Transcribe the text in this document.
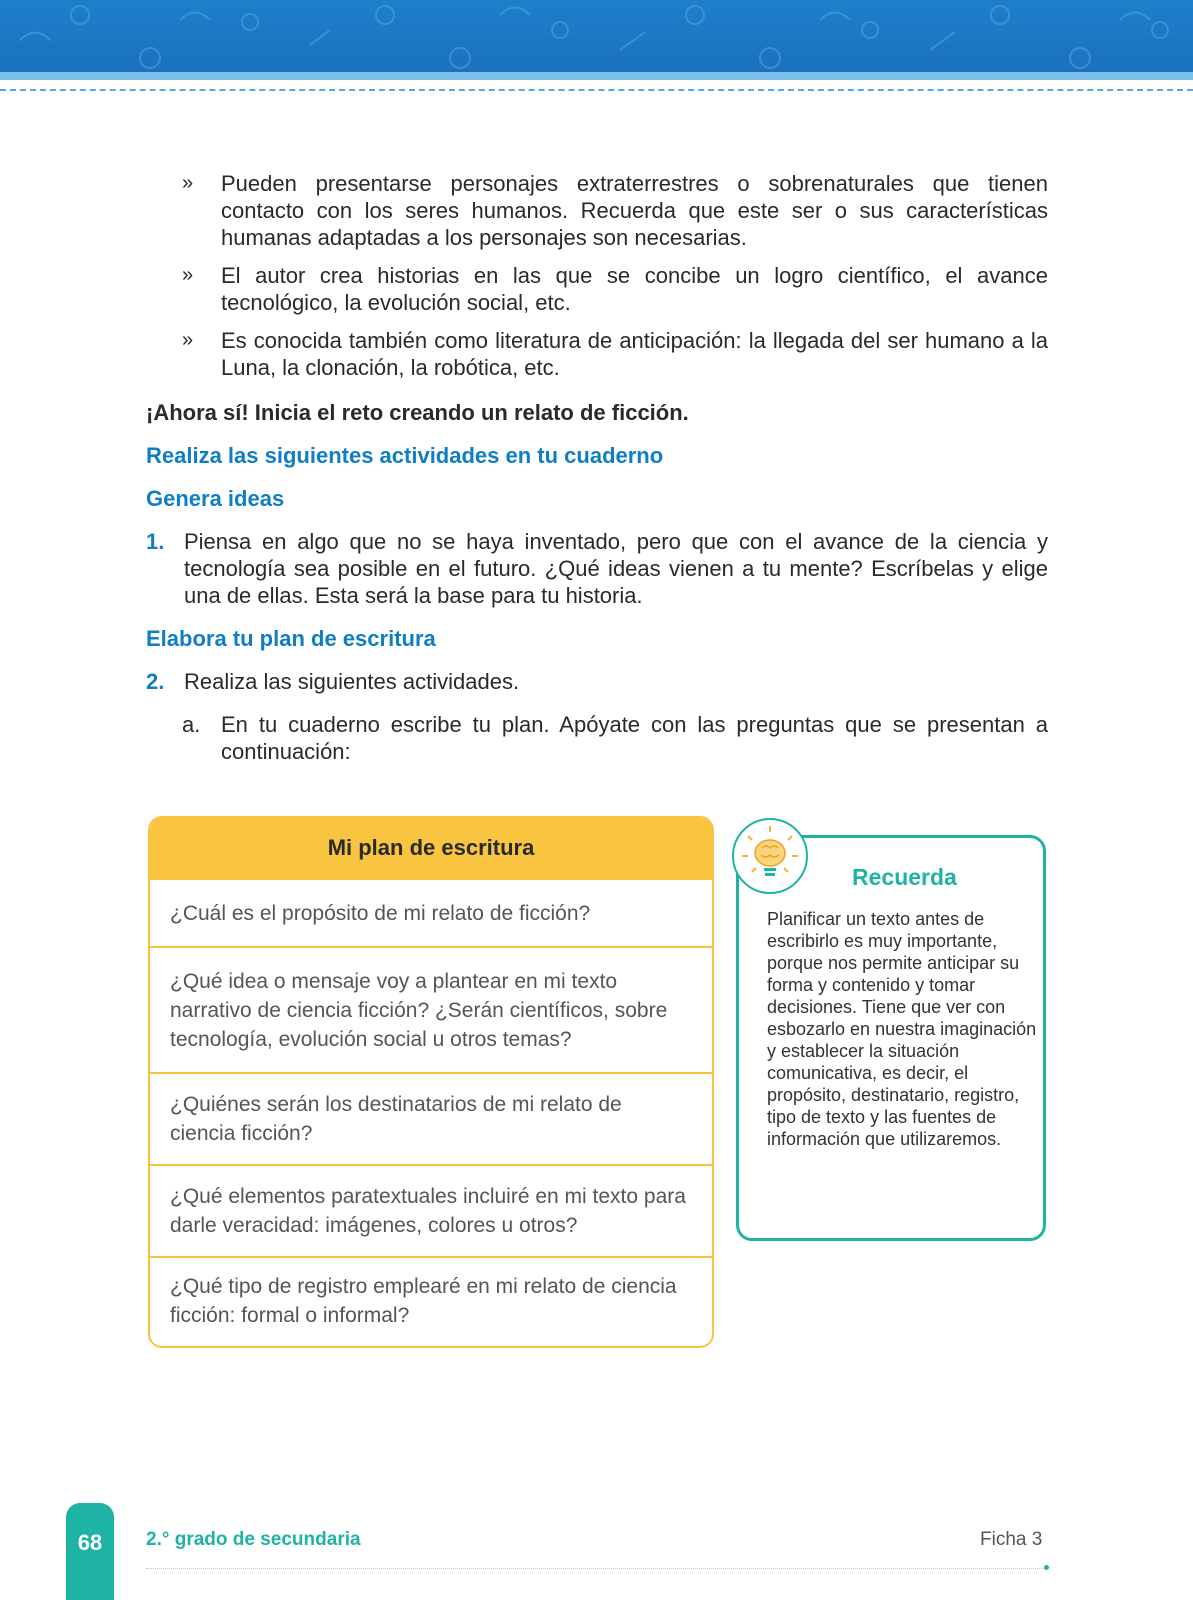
» Pueden presentarse personajes extraterrestres o sobrenaturales que tienen contacto con los seres humanos. Recuerda que este ser o sus características humanas adaptadas a los personajes son necesarias.
» El autor crea historias en las que se concibe un logro científico, el avance tecnológico, la evolución social, etc.
» Es conocida también como literatura de anticipación: la llegada del ser humano a la Luna, la clonación, la robótica, etc.
¡Ahora sí! Inicia el reto creando un relato de ficción.
Realiza las siguientes actividades en tu cuaderno
Genera ideas
1. Piensa en algo que no se haya inventado, pero que con el avance de la ciencia y tecnología sea posible en el futuro. ¿Qué ideas vienen a tu mente? Escríbelas y elige una de ellas. Esta será la base para tu historia.
Elabora tu plan de escritura
2. Realiza las siguientes actividades.
a. En tu cuaderno escribe tu plan. Apóyate con las preguntas que se presentan a continuación:
Mi plan de escritura
¿Cuál es el propósito de mi relato de ficción?
¿Qué idea o mensaje voy a plantear en mi texto narrativo de ciencia ficción? ¿Serán científicos, sobre tecnología, evolución social u otros temas?
¿Quiénes serán los destinatarios de mi relato de ciencia ficción?
¿Qué elementos paratextuales incluiré en mi texto para darle veracidad: imágenes, colores u otros?
¿Qué tipo de registro emplearé en mi relato de ciencia ficción: formal o informal?
Recuerda
Planificar un texto antes de escribirlo es muy importante, porque nos permite anticipar su forma y contenido y tomar decisiones. Tiene que ver con esbozarlo en nuestra imaginación y establecer la situación comunicativa, es decir, el propósito, destinatario, registro, tipo de texto y las fuentes de información que utilizaremos.
68	2.° grado de secundaria	Ficha 3
